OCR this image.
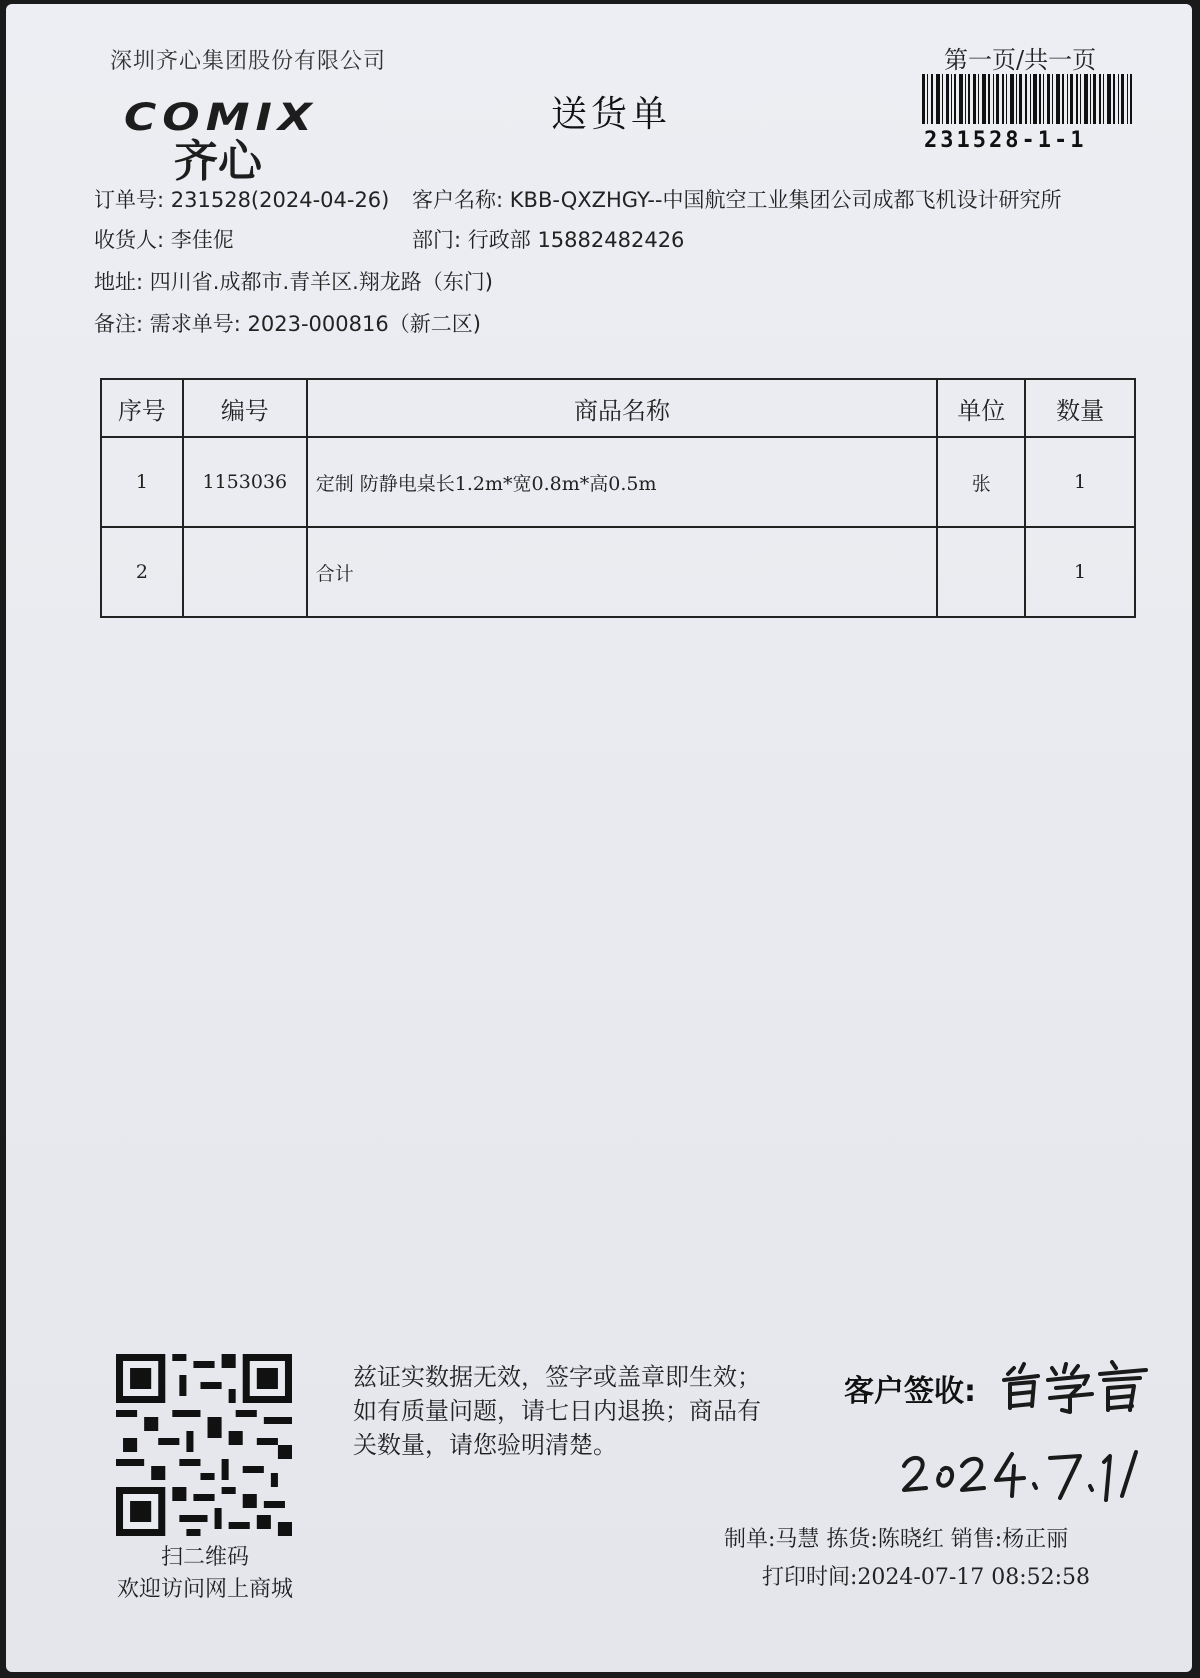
深圳齐心集团股份有限公司	第一页/共一页
COMIX
齐心
送货单
231528-1-1
订单号: 231528(2024-04-26) 客户名称: KBB-QXZHGY--中国航空工业集团公司成都飞机设计研究所
收货人: 李佳伲	部门: 行政部 15882482426
地址: 四川省.成都市.青羊区.翔龙路（东门)
备注: 需求单号: 2023-000816（新二区)
序号	编号	商品名称	单位	数量
1	1153036	定制 防静电桌长1.2m*宽0.8m*高0.5m	张	1
2		合计		1
扫二维码
欢迎访问网上商城
兹证实数据无效，签字或盖章即生效；如有质量问题，请七日内退换；商品有关数量，请您验明清楚。
客户签收:
制单:马慧 拣货:陈晓红 销售:杨正丽
打印时间:2024-07-17 08:52:58
